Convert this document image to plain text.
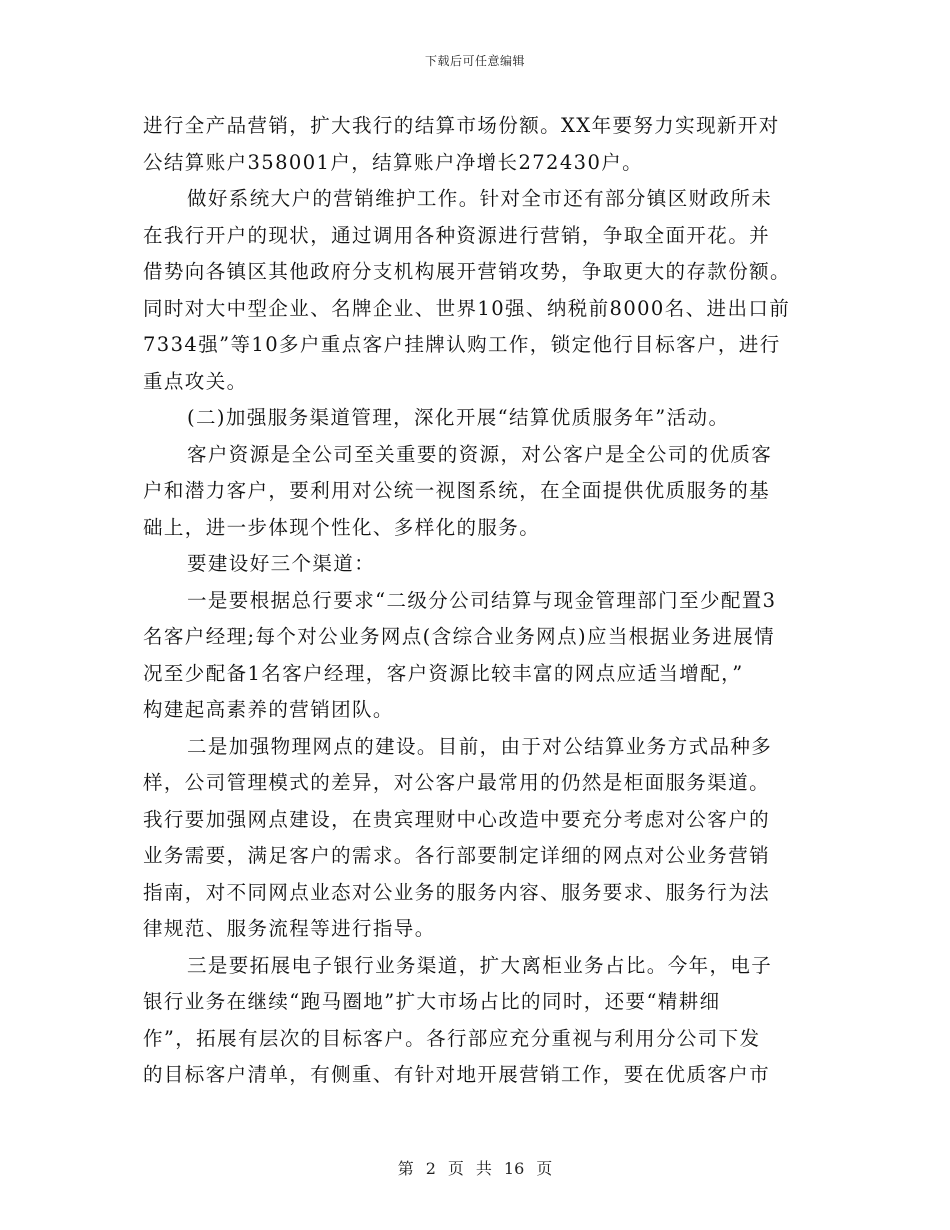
下载后可任意编辑
进行全产品营销，扩大我行的结算市场份额。XX年要努力实现新开对
公结算账户358001户，结算账户净增长272430户。
做好系统大户的营销维护工作。针对全市还有部分镇区财政所未
在我行开户的现状，通过调用各种资源进行营销，争取全面开花。并
借势向各镇区其他政府分支机构展开营销攻势，争取更大的存款份额。
同时对大中型企业、名牌企业、世界10强、纳税前8000名、进出口前
7334强”等10多户重点客户挂牌认购工作，锁定他行目标客户，进行
重点攻关。
(二)加强服务渠道管理，深化开展“结算优质服务年”活动。
客户资源是全公司至关重要的资源，对公客户是全公司的优质客
户和潜力客户，要利用对公统一视图系统，在全面提供优质服务的基
础上，进一步体现个性化、多样化的服务。
要建设好三个渠道：
一是要根据总行要求“二级分公司结算与现金管理部门至少配置3
名客户经理;每个对公业务网点(含综合业务网点)应当根据业务进展情
况至少配备1名客户经理，客户资源比较丰富的网点应适当增配，”
构建起高素养的营销团队。
二是加强物理网点的建设。目前，由于对公结算业务方式品种多
样，公司管理模式的差异，对公客户最常用的仍然是柜面服务渠道。
我行要加强网点建设，在贵宾理财中心改造中要充分考虑对公客户的
业务需要，满足客户的需求。各行部要制定详细的网点对公业务营销
指南，对不同网点业态对公业务的服务内容、服务要求、服务行为法
律规范、服务流程等进行指导。
三是要拓展电子银行业务渠道，扩大离柜业务占比。今年，电子
银行业务在继续“跑马圈地”扩大市场占比的同时，还要“精耕细
作”，拓展有层次的目标客户。各行部应充分重视与利用分公司下发
的目标客户清单，有侧重、有针对地开展营销工作，要在优质客户市
第 2 页 共 16 页
